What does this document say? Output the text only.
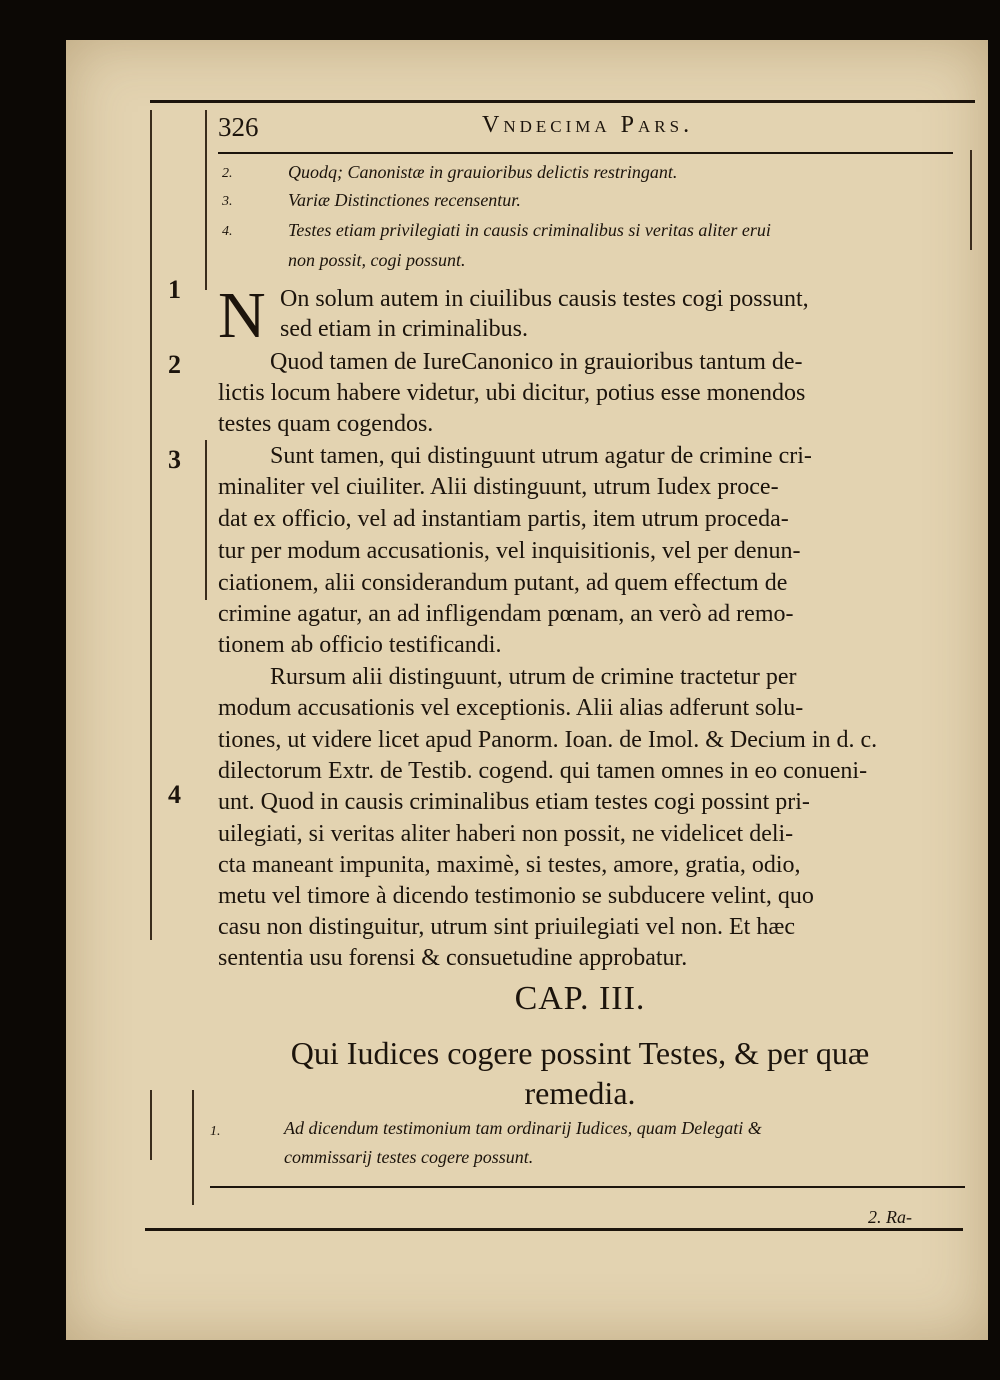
326	Vndecima Pars.
2.	Quodq; Canonistæ in grauioribus delictis restringant.
3.	Variæ Distinctiones recensentur.
4.	Testes etiam privilegiati in causis criminalibus si veritas aliter erui
non possit, cogi possunt.
1
2
3
4
N On solum autem in ciuilibus causis testes cogi possunt,
sed etiam in criminalibus.
Quod tamen de IureCanonico in grauioribus tantum de-
lictis locum habere videtur, ubi dicitur, potius esse monendos
testes quam cogendos.
Sunt tamen, qui distinguunt utrum agatur de crimine cri-
minaliter vel ciuiliter. Alii distinguunt, utrum Iudex proce-
dat ex officio, vel ad instantiam partis, item utrum proceda-
tur per modum accusationis, vel inquisitionis, vel per denun-
ciationem, alii considerandum putant, ad quem effectum de
crimine agatur, an ad infligendam pœnam, an verò ad remo-
tionem ab officio testificandi.
Rursum alii distinguunt, utrum de crimine tractetur per
modum accusationis vel exceptionis. Alii alias adferunt solu-
tiones, ut videre licet apud Panorm. Ioan. de Imol. & Decium in d. c.
dilectorum Extr. de Testib. cogend. qui tamen omnes in eo conueni-
unt. Quod in causis criminalibus etiam testes cogi possint pri-
uilegiati, si veritas aliter haberi non possit, ne videlicet deli-
cta maneant impunita, maximè, si testes, amore, gratia, odio,
metu vel timore à dicendo testimonio se subducere velint, quo
casu non distinguitur, utrum sint priuilegiati vel non. Et hæc
sententia usu forensi & consuetudine approbatur.
CAP. III.
Qui Iudices cogere possint Testes, & per quæ
remedia.
1.	Ad dicendum testimonium tam ordinarij Iudices, quam Delegati &
commissarij testes cogere possunt.
2. Ra-
